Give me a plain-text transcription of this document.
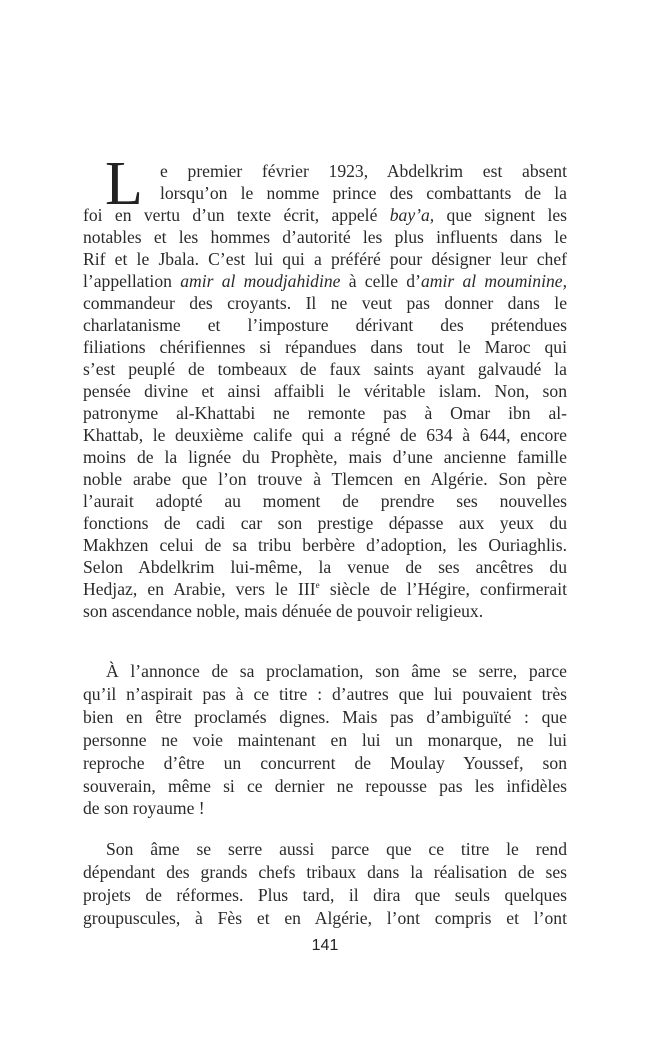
L e premier février 1923, Abdelkrim est absent
lorsqu’on le nomme prince des combattants de la
foi en vertu d’un texte écrit, appelé bay’a, que signent les
notables et les hommes d’autorité les plus influents dans le
Rif et le Jbala. C’est lui qui a préféré pour désigner leur chef
l’appellation amir al moudjahidine à celle d’amir al mouminine,
commandeur des croyants. Il ne veut pas donner dans le
charlatanisme et l’imposture dérivant des prétendues
filiations chérifiennes si répandues dans tout le Maroc qui
s’est peuplé de tombeaux de faux saints ayant galvaudé la
pensée divine et ainsi affaibli le véritable islam. Non, son
patronyme al-Khattabi ne remonte pas à Omar ibn al-
Khattab, le deuxième calife qui a régné de 634 à 644, encore
moins de la lignée du Prophète, mais d’une ancienne famille
noble arabe que l’on trouve à Tlemcen en Algérie. Son père
l’aurait adopté au moment de prendre ses nouvelles
fonctions de cadi car son prestige dépasse aux yeux du
Makhzen celui de sa tribu berbère d’adoption, les Ouriaghlis.
Selon Abdelkrim lui-même, la venue de ses ancêtres du
Hedjaz, en Arabie, vers le IIIe siècle de l’Hégire, confirmerait
son ascendance noble, mais dénuée de pouvoir religieux.
À l’annonce de sa proclamation, son âme se serre, parce
qu’il n’aspirait pas à ce titre : d’autres que lui pouvaient très
bien en être proclamés dignes. Mais pas d’ambiguïté : que
personne ne voie maintenant en lui un monarque, ne lui
reproche d’être un concurrent de Moulay Youssef, son
souverain, même si ce dernier ne repousse pas les infidèles
de son royaume !
Son âme se serre aussi parce que ce titre le rend
dépendant des grands chefs tribaux dans la réalisation de ses
projets de réformes. Plus tard, il dira que seuls quelques
groupuscules, à Fès et en Algérie, l’ont compris et l’ont
141
